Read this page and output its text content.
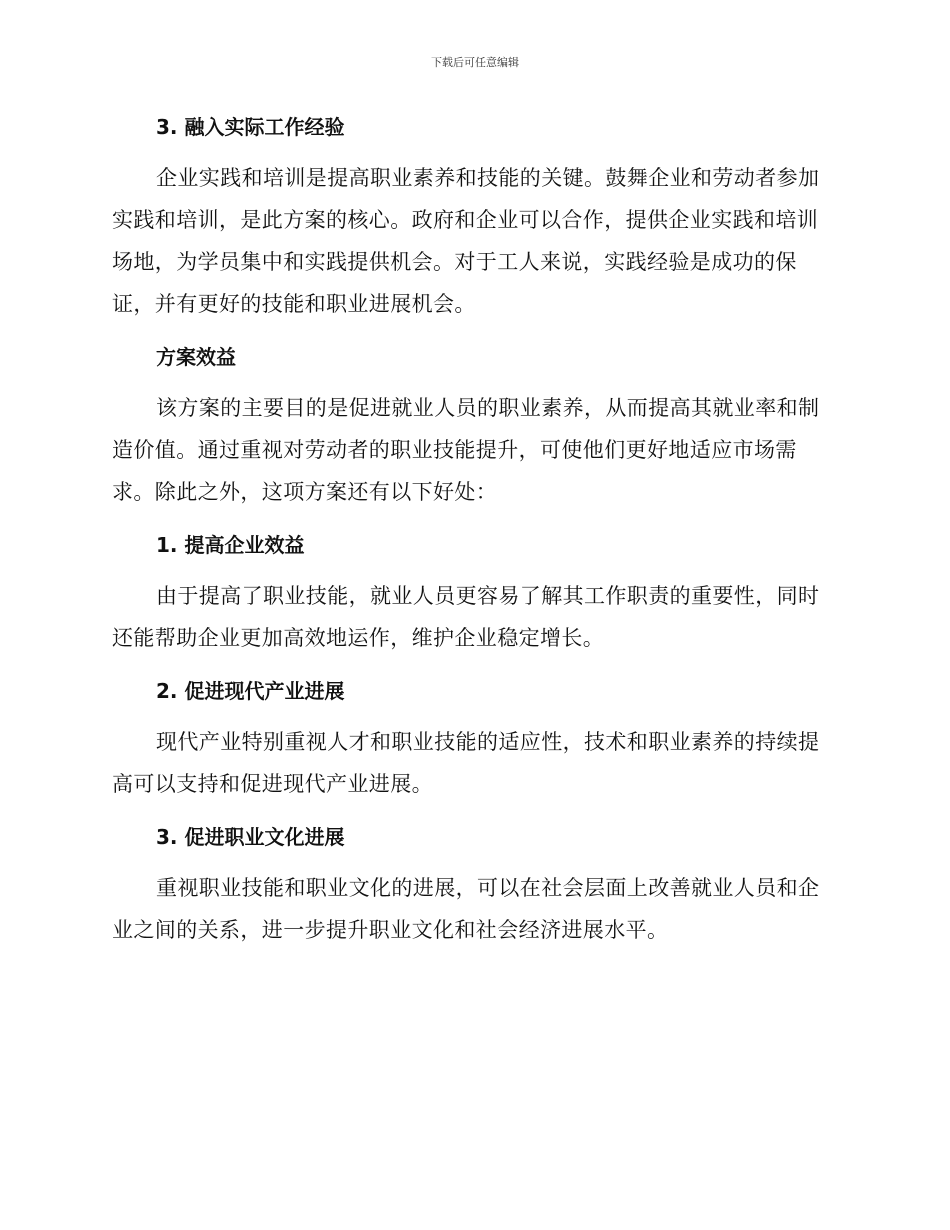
下载后可任意编辑
3. 融入实际工作经验

企业实践和培训是提高职业素养和技能的关键。鼓舞企业和劳动者参加实践和培训，是此方案的核心。政府和企业可以合作，提供企业实践和培训场地，为学员集中和实践提供机会。对于工人来说，实践经验是成功的保证，并有更好的技能和职业进展机会。

方案效益

该方案的主要目的是促进就业人员的职业素养，从而提高其就业率和制造价值。通过重视对劳动者的职业技能提升，可使他们更好地适应市场需求。除此之外，这项方案还有以下好处：

1. 提高企业效益

由于提高了职业技能，就业人员更容易了解其工作职责的重要性，同时还能帮助企业更加高效地运作，维护企业稳定增长。

2. 促进现代产业进展

现代产业特别重视人才和职业技能的适应性，技术和职业素养的持续提高可以支持和促进现代产业进展。

3. 促进职业文化进展

重视职业技能和职业文化的进展，可以在社会层面上改善就业人员和企业之间的关系，进一步提升职业文化和社会经济进展水平。
